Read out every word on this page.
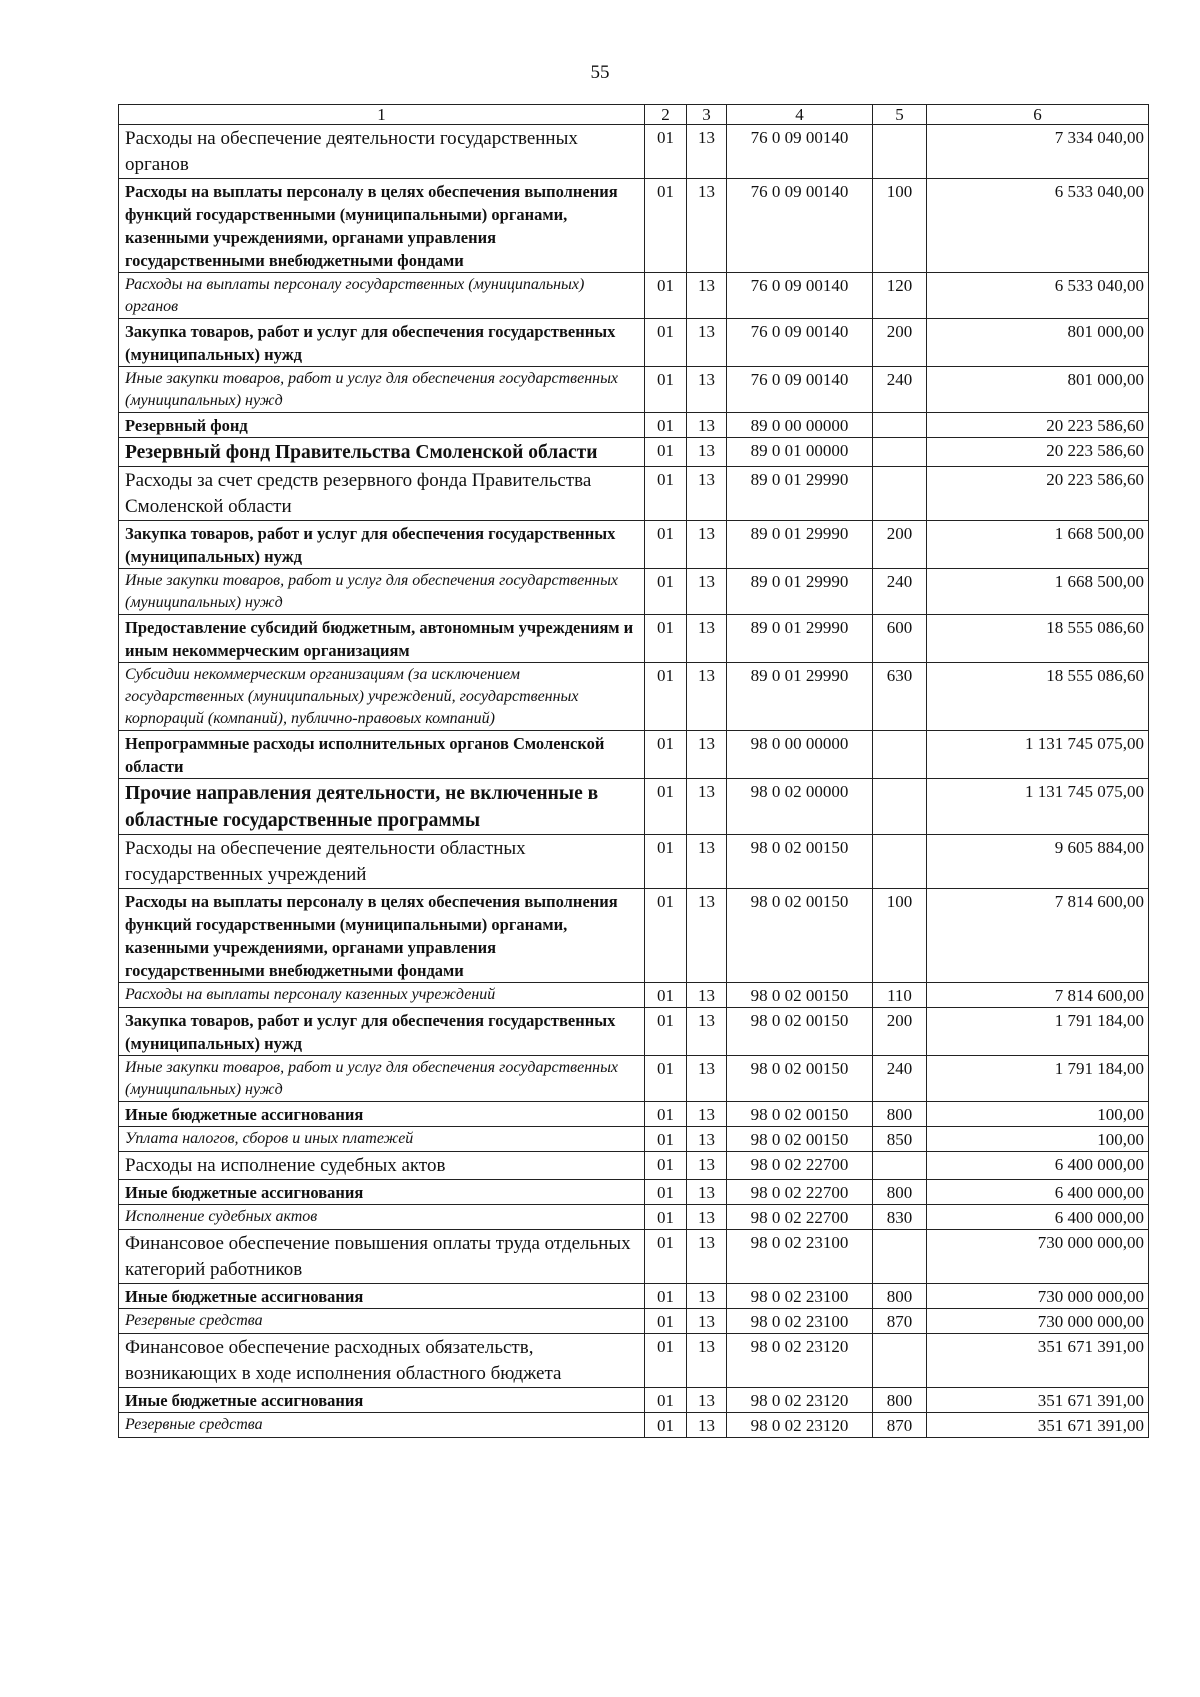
55
1	2	3	4	5	6
Расходы на обеспечение деятельности государственных органов	01	13	76 0 09 00140		7 334 040,00
Расходы на выплаты персоналу в целях обеспечения выполнения функций государственными (муниципальными) органами, казенными учреждениями, органами управления государственными внебюджетными фондами	01	13	76 0 09 00140	100	6 533 040,00
Расходы на выплаты персоналу государственных (муниципальных) органов	01	13	76 0 09 00140	120	6 533 040,00
Закупка товаров, работ и услуг для обеспечения государственных (муниципальных) нужд	01	13	76 0 09 00140	200	801 000,00
Иные закупки товаров, работ и услуг для обеспечения государственных (муниципальных) нужд	01	13	76 0 09 00140	240	801 000,00
Резервный фонд	01	13	89 0 00 00000		20 223 586,60
Резервный фонд Правительства Смоленской области	01	13	89 0 01 00000		20 223 586,60
Расходы за счет средств резервного фонда Правительства Смоленской области	01	13	89 0 01 29990		20 223 586,60
Закупка товаров, работ и услуг для обеспечения государственных (муниципальных) нужд	01	13	89 0 01 29990	200	1 668 500,00
Иные закупки товаров, работ и услуг для обеспечения государственных (муниципальных) нужд	01	13	89 0 01 29990	240	1 668 500,00
Предоставление субсидий бюджетным, автономным учреждениям и иным некоммерческим организациям	01	13	89 0 01 29990	600	18 555 086,60
Субсидии некоммерческим организациям (за исключением государственных (муниципальных) учреждений, государственных корпораций (компаний), публично-правовых компаний)	01	13	89 0 01 29990	630	18 555 086,60
Непрограммные расходы исполнительных органов Смоленской области	01	13	98 0 00 00000		1 131 745 075,00
Прочие направления деятельности, не включенные в областные государственные программы	01	13	98 0 02 00000		1 131 745 075,00
Расходы на обеспечение деятельности областных государственных учреждений	01	13	98 0 02 00150		9 605 884,00
Расходы на выплаты персоналу в целях обеспечения выполнения функций государственными (муниципальными) органами, казенными учреждениями, органами управления государственными внебюджетными фондами	01	13	98 0 02 00150	100	7 814 600,00
Расходы на выплаты персоналу казенных учреждений	01	13	98 0 02 00150	110	7 814 600,00
Закупка товаров, работ и услуг для обеспечения государственных (муниципальных) нужд	01	13	98 0 02 00150	200	1 791 184,00
Иные закупки товаров, работ и услуг для обеспечения государственных (муниципальных) нужд	01	13	98 0 02 00150	240	1 791 184,00
Иные бюджетные ассигнования	01	13	98 0 02 00150	800	100,00
Уплата налогов, сборов и иных платежей	01	13	98 0 02 00150	850	100,00
Расходы на исполнение судебных актов	01	13	98 0 02 22700		6 400 000,00
Иные бюджетные ассигнования	01	13	98 0 02 22700	800	6 400 000,00
Исполнение судебных актов	01	13	98 0 02 22700	830	6 400 000,00
Финансовое обеспечение повышения оплаты труда отдельных категорий работников	01	13	98 0 02 23100		730 000 000,00
Иные бюджетные ассигнования	01	13	98 0 02 23100	800	730 000 000,00
Резервные средства	01	13	98 0 02 23100	870	730 000 000,00
Финансовое обеспечение расходных обязательств, возникающих в ходе исполнения областного бюджета	01	13	98 0 02 23120		351 671 391,00
Иные бюджетные ассигнования	01	13	98 0 02 23120	800	351 671 391,00
Резервные средства	01	13	98 0 02 23120	870	351 671 391,00
